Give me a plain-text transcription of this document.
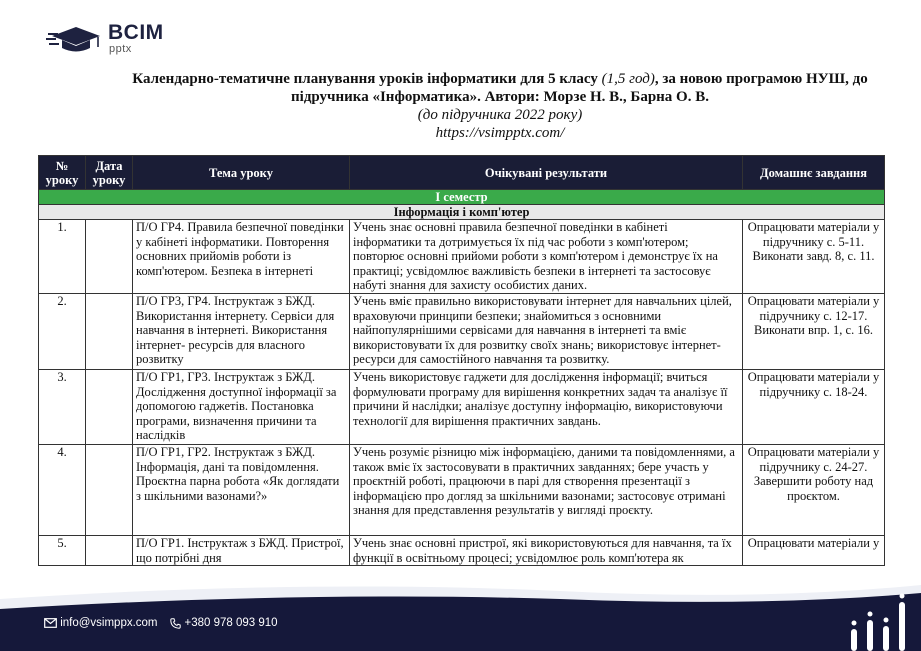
BCIM
pptx
Календарно-тематичне планування уроків інформатики для 5 класу (1,5 год), за новою програмою НУШ, до
підручника «Інформатика». Автори: Морзе Н. В., Барна О. В.
(до підручника 2022 року)
https://vsimpptx.com/
№ уроку	Дата уроку	Тема уроку	Очікувані результати	Домашнє завдання
I семестр				
Інформація і комп'ютер				
1.		П/О ГР4. Правила безпечної поведінки у кабінеті інформатики. Повторення основних прийомів роботи із комп'ютером. Безпека в інтернеті	Учень знає основні правила безпечної поведінки в кабінеті інформатики та дотримується їх під час роботи з комп'ютером; повторює основні прийоми роботи з комп'ютером і демонструє їх на практиці; усвідомлює важливість безпеки в інтернеті та застосовує набуті знання для захисту особистих даних.	Опрацювати матеріали у підручнику с. 5-11. Виконати завд. 8, с. 11.
2.		П/О ГР3, ГР4. Інструктаж з БЖД. Використання інтернету. Сервіси для навчання в інтернеті. Використання інтернет- ресурсів для власного розвитку	Учень вміє правильно використовувати інтернет для навчальних цілей, враховуючи принципи безпеки; знайомиться з основними найпопулярнішими сервісами для навчання в інтернеті та вміє використовувати їх для розвитку своїх знань; використовує інтернет-ресурси для самостійного навчання та розвитку.	Опрацювати матеріали у підручнику с. 12-17. Виконати впр. 1, с. 16.
3.		П/О ГР1, ГР3. Інструктаж з БЖД. Дослідження доступної інформації за допомогою гаджетів. Постановка програми, визначення причини та наслідків	Учень використовує гаджети для дослідження інформації; вчиться формулювати програму для вирішення конкретних задач та аналізує її причини й наслідки; аналізує доступну інформацію, використовуючи технології для вирішення практичних завдань.	Опрацювати матеріали у підручнику с. 18-24.
4.		П/О ГР1, ГР2. Інструктаж з БЖД. Інформація, дані та повідомлення. Проєктна парна робота «Як доглядати з шкільними вазонами?»	Учень розуміє різницю між інформацією, даними та повідомленнями, а також вміє їх застосовувати в практичних завданнях; бере участь у проєктній роботі, працюючи в парі для створення презентації з інформацією про догляд за шкільними вазонами; застосовує отримані знання для представлення результатів у вигляді проєкту.	Опрацювати матеріали у підручнику с. 24-27. Завершити роботу над проєктом.
5.		П/О ГР1. Інструктаж з БЖД. Пристрої, що потрібні дня	Учень знає основні пристрої, які використовуються для навчання, та їх функції в освітньому процесі; усвідомлює роль комп'ютера як	Опрацювати матеріали у
info@vsimppx.com +380 978 093 910
